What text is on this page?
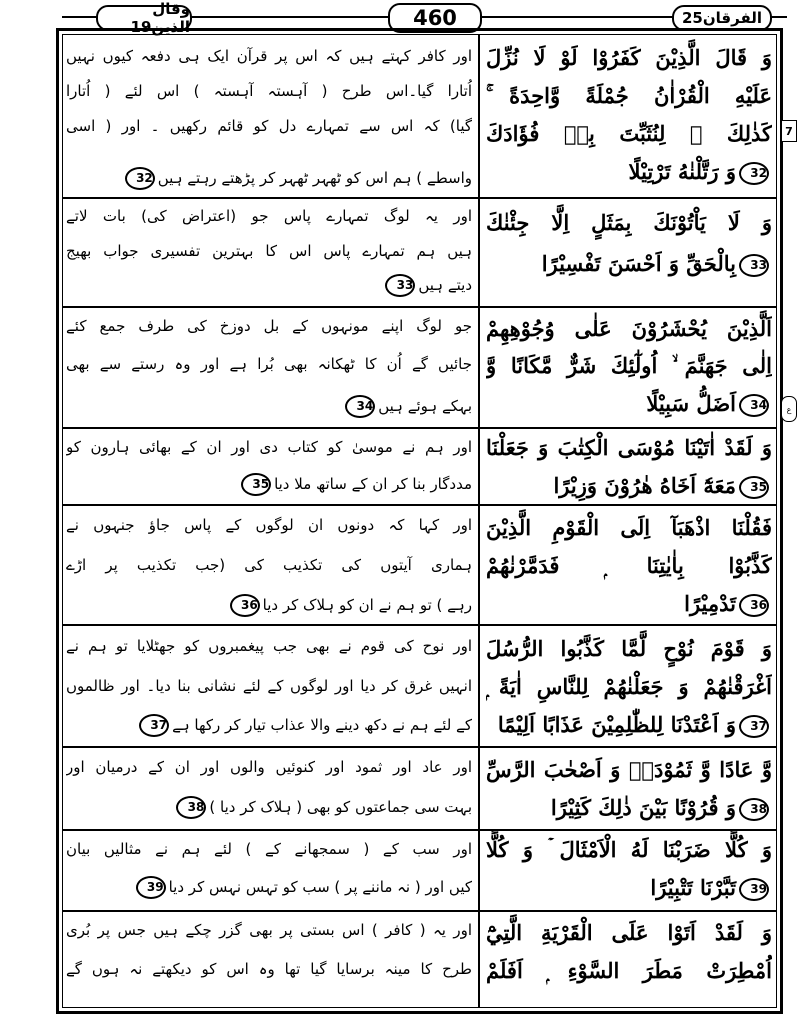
وقال الذين19	460	الفرقان25
7
ع
وَ قَالَ الَّذِيْنَ كَفَرُوْا لَوْ لَا نُزِّلَ
عَلَيْهِ الْقُرْاٰنُ جُمْلَةً وَّاحِدَةً ۚ
كَذٰلِكَ ۚ لِنُثَبِّتَ بِهٖ فُؤَادَكَ
32وَ رَتَّلْنٰهُ تَرْتِيْلًا
اور کافر کہتے ہیں کہ اس پر قرآن ایک ہی دفعہ کیوں نہیں
اُتارا گیا۔اس طرح ( آہستہ آہستہ ) اس لئے ( اُتارا
گیا) کہ اس سے تمہارے دل کو قائم رکھیں ۔ اور ( اسی
واسطے ) ہم اس کو ٹھہر ٹھہر کر پڑھتے رہتے ہیں32
وَ لَا يَاْتُوْنَكَ بِمَثَلٍ اِلَّا جِئْنٰكَ
33بِالْحَقِّ وَ اَحْسَنَ تَفْسِيْرًا
اور یہ لوگ تمہارے پاس جو (اعتراض کی) بات لاتے
ہیں ہم تمہارے پاس اس کا بہترین تفسیری جواب بھیج
دیتے ہیں33
اَلَّذِيْنَ يُحْشَرُوْنَ عَلٰى وُجُوْهِهِمْ
اِلٰى جَهَنَّمَ ۙ اُولٰٓئِكَ شَرٌّ مَّكَانًا وَّ
34اَضَلُّ سَبِيْلًا
جو لوگ اپنے مونہوں کے بل دوزخ کی طرف جمع کئے
جائیں گے اُن کا ٹھکانہ بھی بُرا ہے اور وہ رستے سے بھی
بہکے ہوئے ہیں34
وَ لَقَدْ اٰتَيْنَا مُوْسَى الْكِتٰبَ وَ جَعَلْنَا
35مَعَهٗٓ اَخَاهُ هٰرُوْنَ وَزِيْرًا
اور ہم نے موسیٰ کو کتاب دی اور ان کے بھائی ہارون کو
مددگار بنا کر ان کے ساتھ ملا دیا35
فَقُلْنَا اذْهَبَآ اِلَى الْقَوْمِ الَّذِيْنَ
كَذَّبُوْا بِاٰيٰتِنَا ۭ فَدَمَّرْنٰهُمْ
36تَدْمِيْرًا
اور کہا کہ دونوں ان لوگوں کے پاس جاؤ جنہوں نے
ہماری آیتوں کی تکذیب کی (جب تکذیب پر اڑے
رہے ) تو ہم نے ان کو ہلاک کر دیا36
وَ قَوْمَ نُوْحٍ لَّمَّا كَذَّبُوا الرُّسُلَ
اَغْرَقْنٰهُمْ وَ جَعَلْنٰهُمْ لِلنَّاسِ اٰيَةً ۭ
37وَ اَعْتَدْنَا لِلظّٰلِمِيْنَ عَذَابًا اَلِيْمًا
اور نوح کی قوم نے بھی جب پیغمبروں کو جھٹلایا تو ہم نے
انہیں غرق کر دیا اور لوگوں کے لئے نشانی بنا دیا۔ اور ظالموں
کے لئے ہم نے دکھ دینے والا عذاب تیار کر رکھا ہے37
وَّ عَادًا وَّ ثَمُوْدَاۡ وَ اَصْحٰبَ الرَّسِّ
38وَ قُرُوْنًا بَيْنَ ذٰلِكَ كَثِيْرًا
اور عاد اور ثمود اور کنوئیں والوں اور ان کے درمیان اور
بہت سی جماعتوں کو بھی ( ہلاک کر دیا )38
وَ كُلًّا ضَرَبْنَا لَهُ الْاَمْثَالَ ۡ وَ كُلًّا
39تَبَّرْنَا تَتْبِيْرًا
اور سب کے ( سمجھانے کے ) لئے ہم نے مثالیں بیان
کیں اور ( نہ ماننے پر ) سب کو تہس نہس کر دیا39
وَ لَقَدْ اَتَوْا عَلَى الْقَرْيَةِ الَّتِيْٓ
اُمْطِرَتْ مَطَرَ السَّوْءِ ۭ اَفَلَمْ
اور یہ ( کافر ) اس بستی پر بھی گزر چکے ہیں جس پر بُری
طرح کا مینہ برسایا گیا تھا وہ اس کو دیکھتے نہ ہوں گے
